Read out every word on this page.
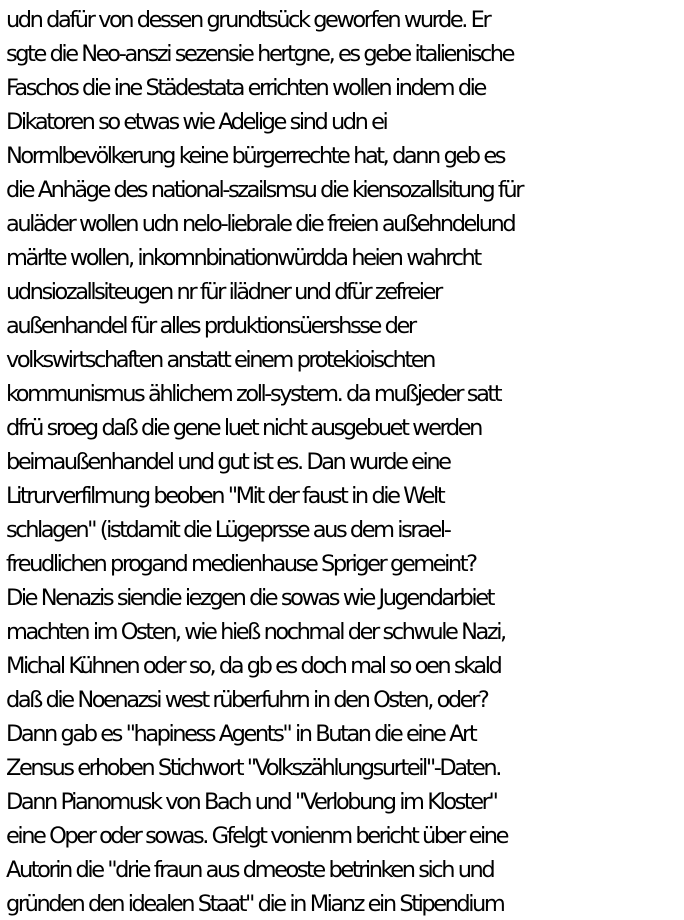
udn dafür von dessen grundtsück geworfen wurde. Er
sgte die Neo-anszi sezensie hertgne, es gebe italienische
Faschos die ine Städestata errichten wollen indem die
Dikatoren so etwas wie Adelige sind udn ei
Normlbevölkerung keine bürgerrechte hat, dann geb es
die Anhäge des national-szailsmsu die kiensozallsitung für
auläder wollen udn nelo-liebrale die freien außehndelund
märlte wollen, inkomnbinationwürdda heien wahrcht
udnsiozallsiteugen nr für ilädner und dfür zefreier
außenhandel für alles prduktionsüershsse der
volkswirtschaften anstatt einem protekioischten
kommunismus ählichem zoll-system. da mußjeder satt
dfrü sroeg daß die gene luet nicht ausgebuet werden
beimaußenhandel und gut ist es. Dan wurde eine
Litrurverfilmung beoben "Mit der faust in die Welt
schlagen" (istdamit die Lügeprsse aus dem israel-
freudlichen progand medienhause Spriger gemeint?
Die Nenazis siendie iezgen die sowas wie Jugendarbiet
machten im Osten, wie hieß nochmal der schwule Nazi,
Michal Kühnen oder so, da gb es doch mal so oen skald
daß die Noenazsi west rüberfuhrn in den Osten, oder?
Dann gab es "hapiness Agents" in Butan die eine Art
Zensus erhoben Stichwort "Volkszählungsurteil"-Daten.
Dann Pianomusk von Bach und "Verlobung im Kloster"
eine Oper oder sowas. Gfelgt vonienm bericht über eine
Autorin die "drie fraun aus dmeoste betrinken sich und
gründen den idealen Staat" die in Mianz ein Stipendium
